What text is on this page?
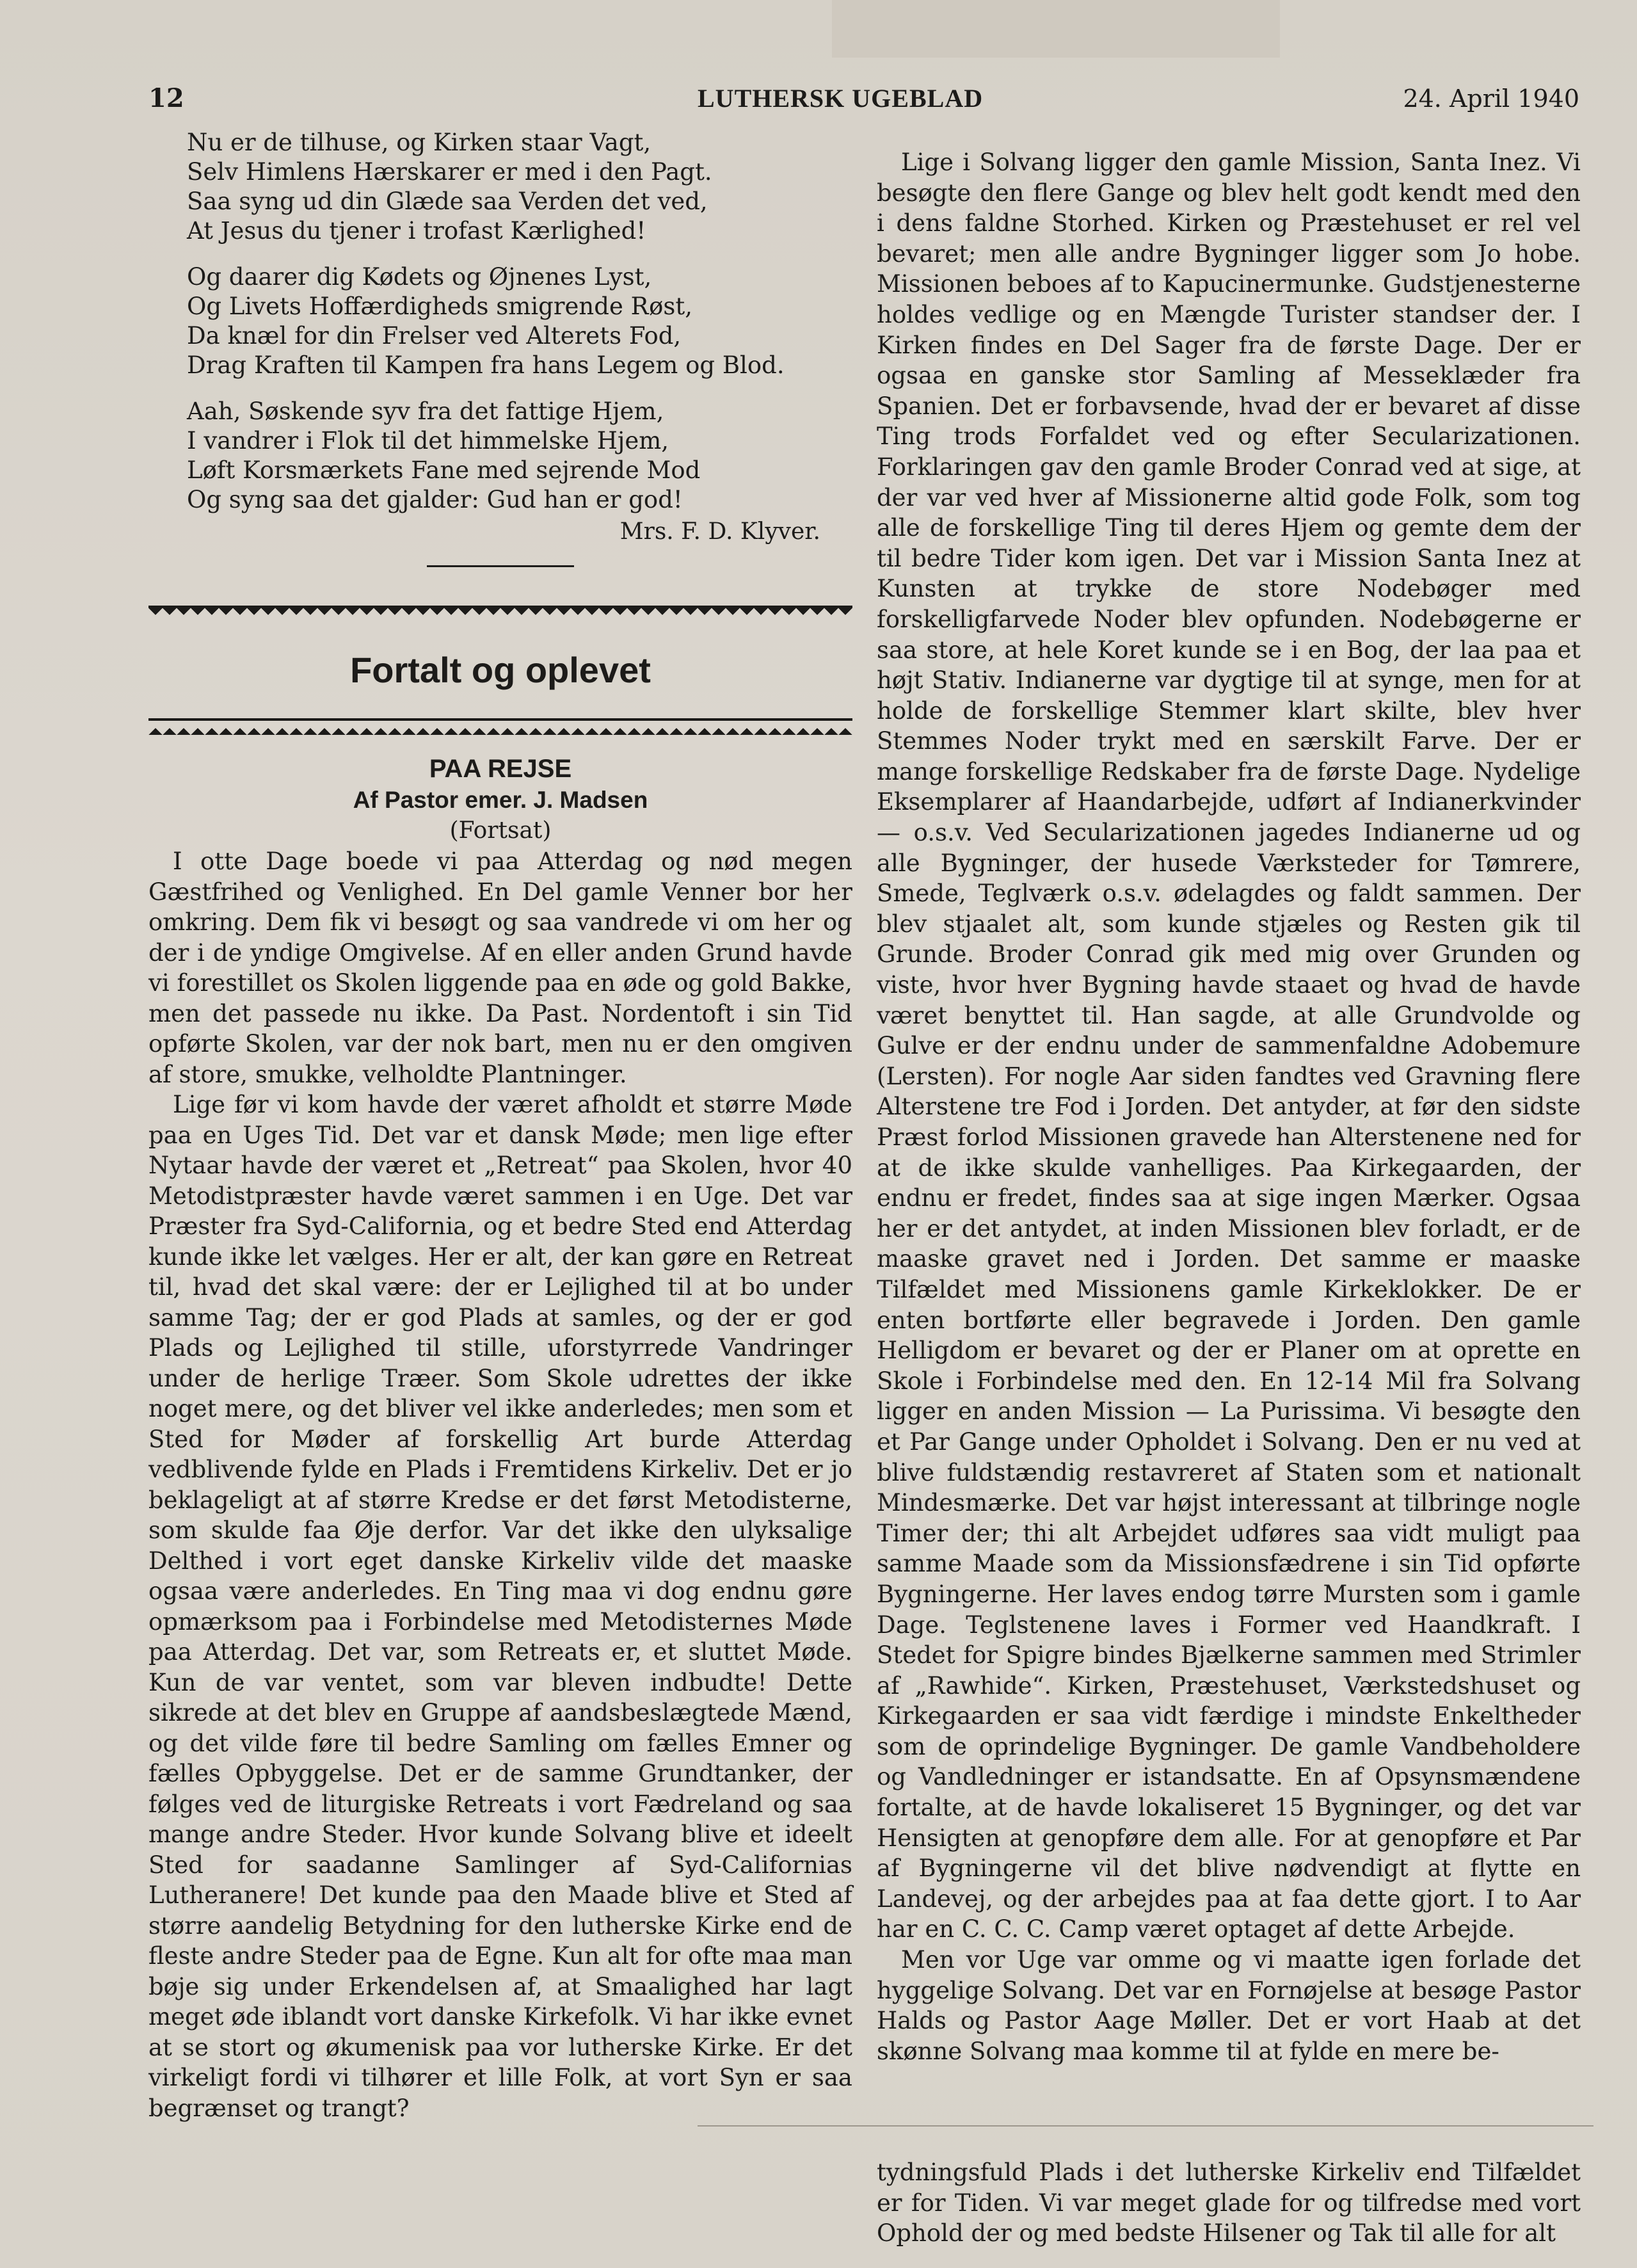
12	LUTHERSK UGEBLAD	24. April 1940
Nu er de tilhuse, og Kirken staar Vagt,
Selv Himlens Hærskarer er med i den Pagt.
Saa syng ud din Glæde saa Verden det ved,
At Jesus du tjener i trofast Kærlighed!
Og daarer dig Kødets og Øjnenes Lyst,
Og Livets Hoffærdigheds smigrende Røst,
Da knæl for din Frelser ved Alterets Fod,
Drag Kraften til Kampen fra hans Legem og Blod.
Aah, Søskende syv fra det fattige Hjem,
I vandrer i Flok til det himmelske Hjem,
Løft Korsmærkets Fane med sejrende Mod
Og syng saa det gjalder: Gud han er god!
Mrs. F. D. Klyver.
Fortalt og oplevet
PAA REJSE
Af Pastor emer. J. Madsen
(Fortsat)

I otte Dage boede vi paa Atterdag og nød megen Gæstfrihed og Venlighed. En Del gamle Venner bor her omkring. Dem fik vi besøgt og saa vandrede vi om her og der i de yndige Omgivelse. Af en eller anden Grund havde vi forestillet os Skolen liggende paa en øde og gold Bakke, men det passede nu ikke. Da Past. Nordentoft i sin Tid opførte Skolen, var der nok bart, men nu er den omgiven af store, smukke, velholdte Plantninger.

Lige før vi kom havde der været afholdt et større Møde paa en Uges Tid. Det var et dansk Møde; men lige efter Nytaar havde der været et „Retreat“ paa Skolen, hvor 40 Metodistpræster havde været sammen i en Uge. Det var Præster fra Syd-California, og et bedre Sted end Atterdag kunde ikke let vælges. Her er alt, der kan gøre en Retreat til, hvad det skal være: der er Lejlighed til at bo under samme Tag; der er god Plads at samles, og der er god Plads og Lejlighed til stille, uforstyrrede Vandringer under de herlige Træer. Som Skole udrettes der ikke noget mere, og det bliver vel ikke anderledes; men som et Sted for Møder af forskellig Art burde Atterdag vedblivende fylde en Plads i Fremtidens Kirkeliv. Det er jo beklageligt at af større Kredse er det først Metodisterne, som skulde faa Øje derfor. Var det ikke den ulyksalige Delthed i vort eget danske Kirkeliv vilde det maaske ogsaa være anderledes. En Ting maa vi dog endnu gøre opmærksom paa i Forbindelse med Metodisternes Møde paa Atterdag. Det var, som Retreats er, et sluttet Møde. Kun de var ventet, som var bleven indbudte! Dette sikrede at det blev en Gruppe af aandsbeslægtede Mænd, og det vilde føre til bedre Samling om fælles Emner og fælles Opbyggelse. Det er de samme Grundtanker, der følges ved de liturgiske Retreats i vort Fædreland og saa mange andre Steder. Hvor kunde Solvang blive et ideelt Sted for saadanne Samlinger af Syd-Californias Lutheranere! Det kunde paa den Maade blive et Sted af større aandelig Betydning for den lutherske Kirke end de fleste andre Steder paa de Egne. Kun alt for ofte maa man bøje sig under Erkendelsen af, at Smaalighed har lagt meget øde iblandt vort danske Kirkefolk. Vi har ikke evnet at se stort og økumenisk paa vor lutherske Kirke. Er det virkeligt fordi vi tilhører et lille Folk, at vort Syn er saa begrænset og trangt?

Lige i Solvang ligger den gamle Mission, Santa Inez. Vi besøgte den flere Gange og blev helt godt kendt med den i dens faldne Storhed. Kirken og Præstehuset er rel vel bevaret; men alle andre Bygninger ligger som Jo hobe. Missionen beboes af to Kapucinermunke. Gudstjenesterne holdes vedlige og en Mængde Turister standser der. I Kirken findes en Del Sager fra de første Dage. Der er ogsaa en ganske stor Samling af Messeklæder fra Spanien. Det er forbavsende, hvad der er bevaret af disse Ting trods Forfaldet ved og efter Secularizationen. Forklaringen gav den gamle Broder Conrad ved at sige, at der var ved hver af Missionerne altid gode Folk, som tog alle de forskellige Ting til deres Hjem og gemte dem der til bedre Tider kom igen. Det var i Mission Santa Inez at Kunsten at trykke de store Nodebøger med forskelligfarvede Noder blev opfunden. Nodebøgerne er saa store, at hele Koret kunde se i en Bog, der laa paa et højt Stativ. Indianerne var dygtige til at synge, men for at holde de forskellige Stemmer klart skilte, blev hver Stemmes Noder trykt med en særskilt Farve. Der er mange forskellige Redskaber fra de første Dage. Nydelige Eksemplarer af Haandarbejde, udført af Indianerkvinder — o.s.v. Ved Secularizationen jagedes Indianerne ud og alle Bygninger, der husede Værksteder for Tømrere, Smede, Teglværk o.s.v. ødelagdes og faldt sammen. Der blev stjaalet alt, som kunde stjæles og Resten gik til Grunde. Broder Conrad gik med mig over Grunden og viste, hvor hver Bygning havde staaet og hvad de havde været benyttet til. Han sagde, at alle Grundvolde og Gulve er der endnu under de sammenfaldne Adobemure (Lersten). For nogle Aar siden fandtes ved Gravning flere Alterstene tre Fod i Jorden. Det antyder, at før den sidste Præst forlod Missionen gravede han Alterstenene ned for at de ikke skulde vanhelliges. Paa Kirkegaarden, der endnu er fredet, findes saa at sige ingen Mærker. Ogsaa her er det antydet, at inden Missionen blev forladt, er de maaske gravet ned i Jorden. Det samme er maaske Tilfældet med Missionens gamle Kirkeklokker. De er enten bortførte eller begravede i Jorden. Den gamle Helligdom er bevaret og der er Planer om at oprette en Skole i Forbindelse med den. En 12-14 Mil fra Solvang ligger en anden Mission — La Purissima. Vi besøgte den et Par Gange under Opholdet i Solvang. Den er nu ved at blive fuldstændig restavreret af Staten som et nationalt Mindesmærke. Det var højst interessant at tilbringe nogle Timer der; thi alt Arbejdet udføres saa vidt muligt paa samme Maade som da Missionsfædrene i sin Tid opførte Bygningerne. Her laves endog tørre Mursten som i gamle Dage. Teglstenene laves i Former ved Haandkraft. I Stedet for Spigre bindes Bjælkerne sammen med Strimler af „Rawhide“. Kirken, Præstehuset, Værkstedshuset og Kirkegaarden er saa vidt færdige i mindste Enkeltheder som de oprindelige Bygninger. De gamle Vandbeholdere og Vandledninger er istandsatte. En af Opsynsmændene fortalte, at de havde lokaliseret 15 Bygninger, og det var Hensigten at genopføre dem alle. For at genopføre et Par af Bygningerne vil det blive nødvendigt at flytte en Landevej, og der arbejdes paa at faa dette gjort. I to Aar har en C. C. C. Camp været optaget af dette Arbejde.

Men vor Uge var omme og vi maatte igen forlade det hyggelige Solvang. Det var en Fornøjelse at besøge Pastor Halds og Pastor Aage Møller. Det er vort Haab at det skønne Solvang maa komme til at fylde en mere be-

tydningsfuld Plads i det lutherske Kirkeliv end Tilfældet er for Tiden. Vi var meget glade for og tilfredse med vort Ophold der og med bedste Hilsener og Tak til alle for alt
